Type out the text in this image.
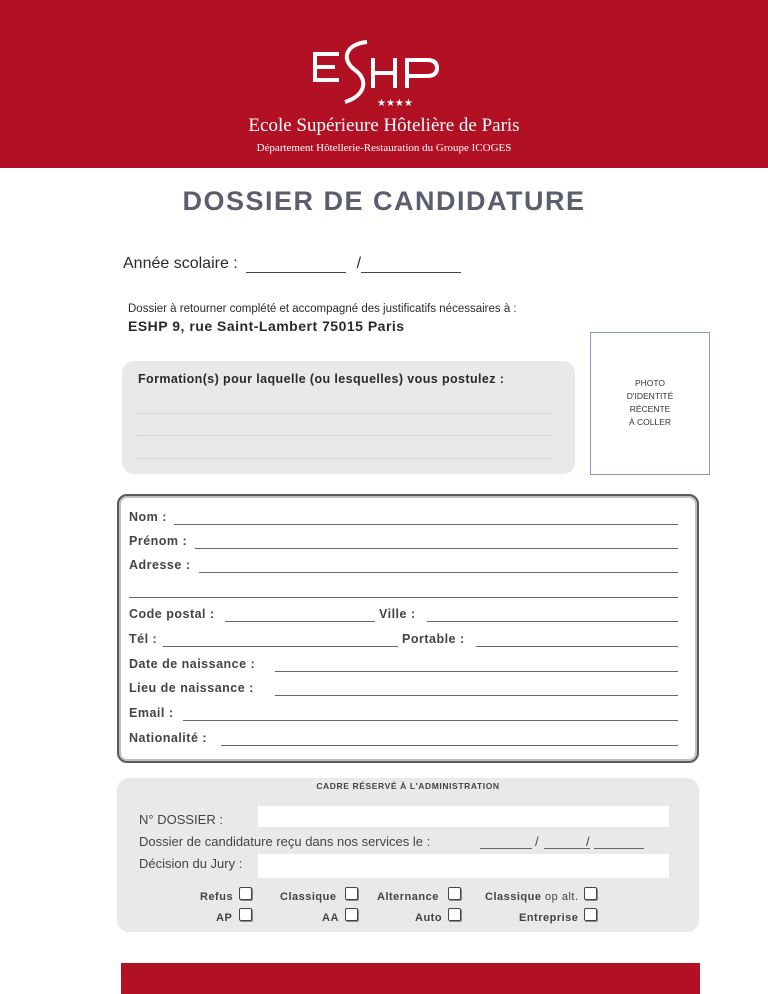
★★★★
Ecole Supérieure Hôtelière de Paris
Département Hôtellerie-Restauration du Groupe ICOGES
DOSSIER DE CANDIDATURE
Année scolaire :	/
Dossier à retourner complété et accompagné des justificatifs nécessaires à :
ESHP 9, rue Saint-Lambert 75015 Paris
PHOTO
D'IDENTITÉ
RÉCENTE
À COLLER
Formation(s) pour laquelle (ou lesquelles) vous postulez :
Nom :
Prénom :
Adresse :
Code postal :	Ville :
Tél :	Portable :
Date de naissance :
Lieu de naissance :
Email :
Nationalité :
CADRE RÉSERVÉ À L'ADMINISTRATION
N° DOSSIER :
Dossier de candidature reçu dans nos services le :	/	/
Décision du Jury :
Refus	Classique	Alternance	Classique op alt.
AP	AA	Auto	Entreprise
